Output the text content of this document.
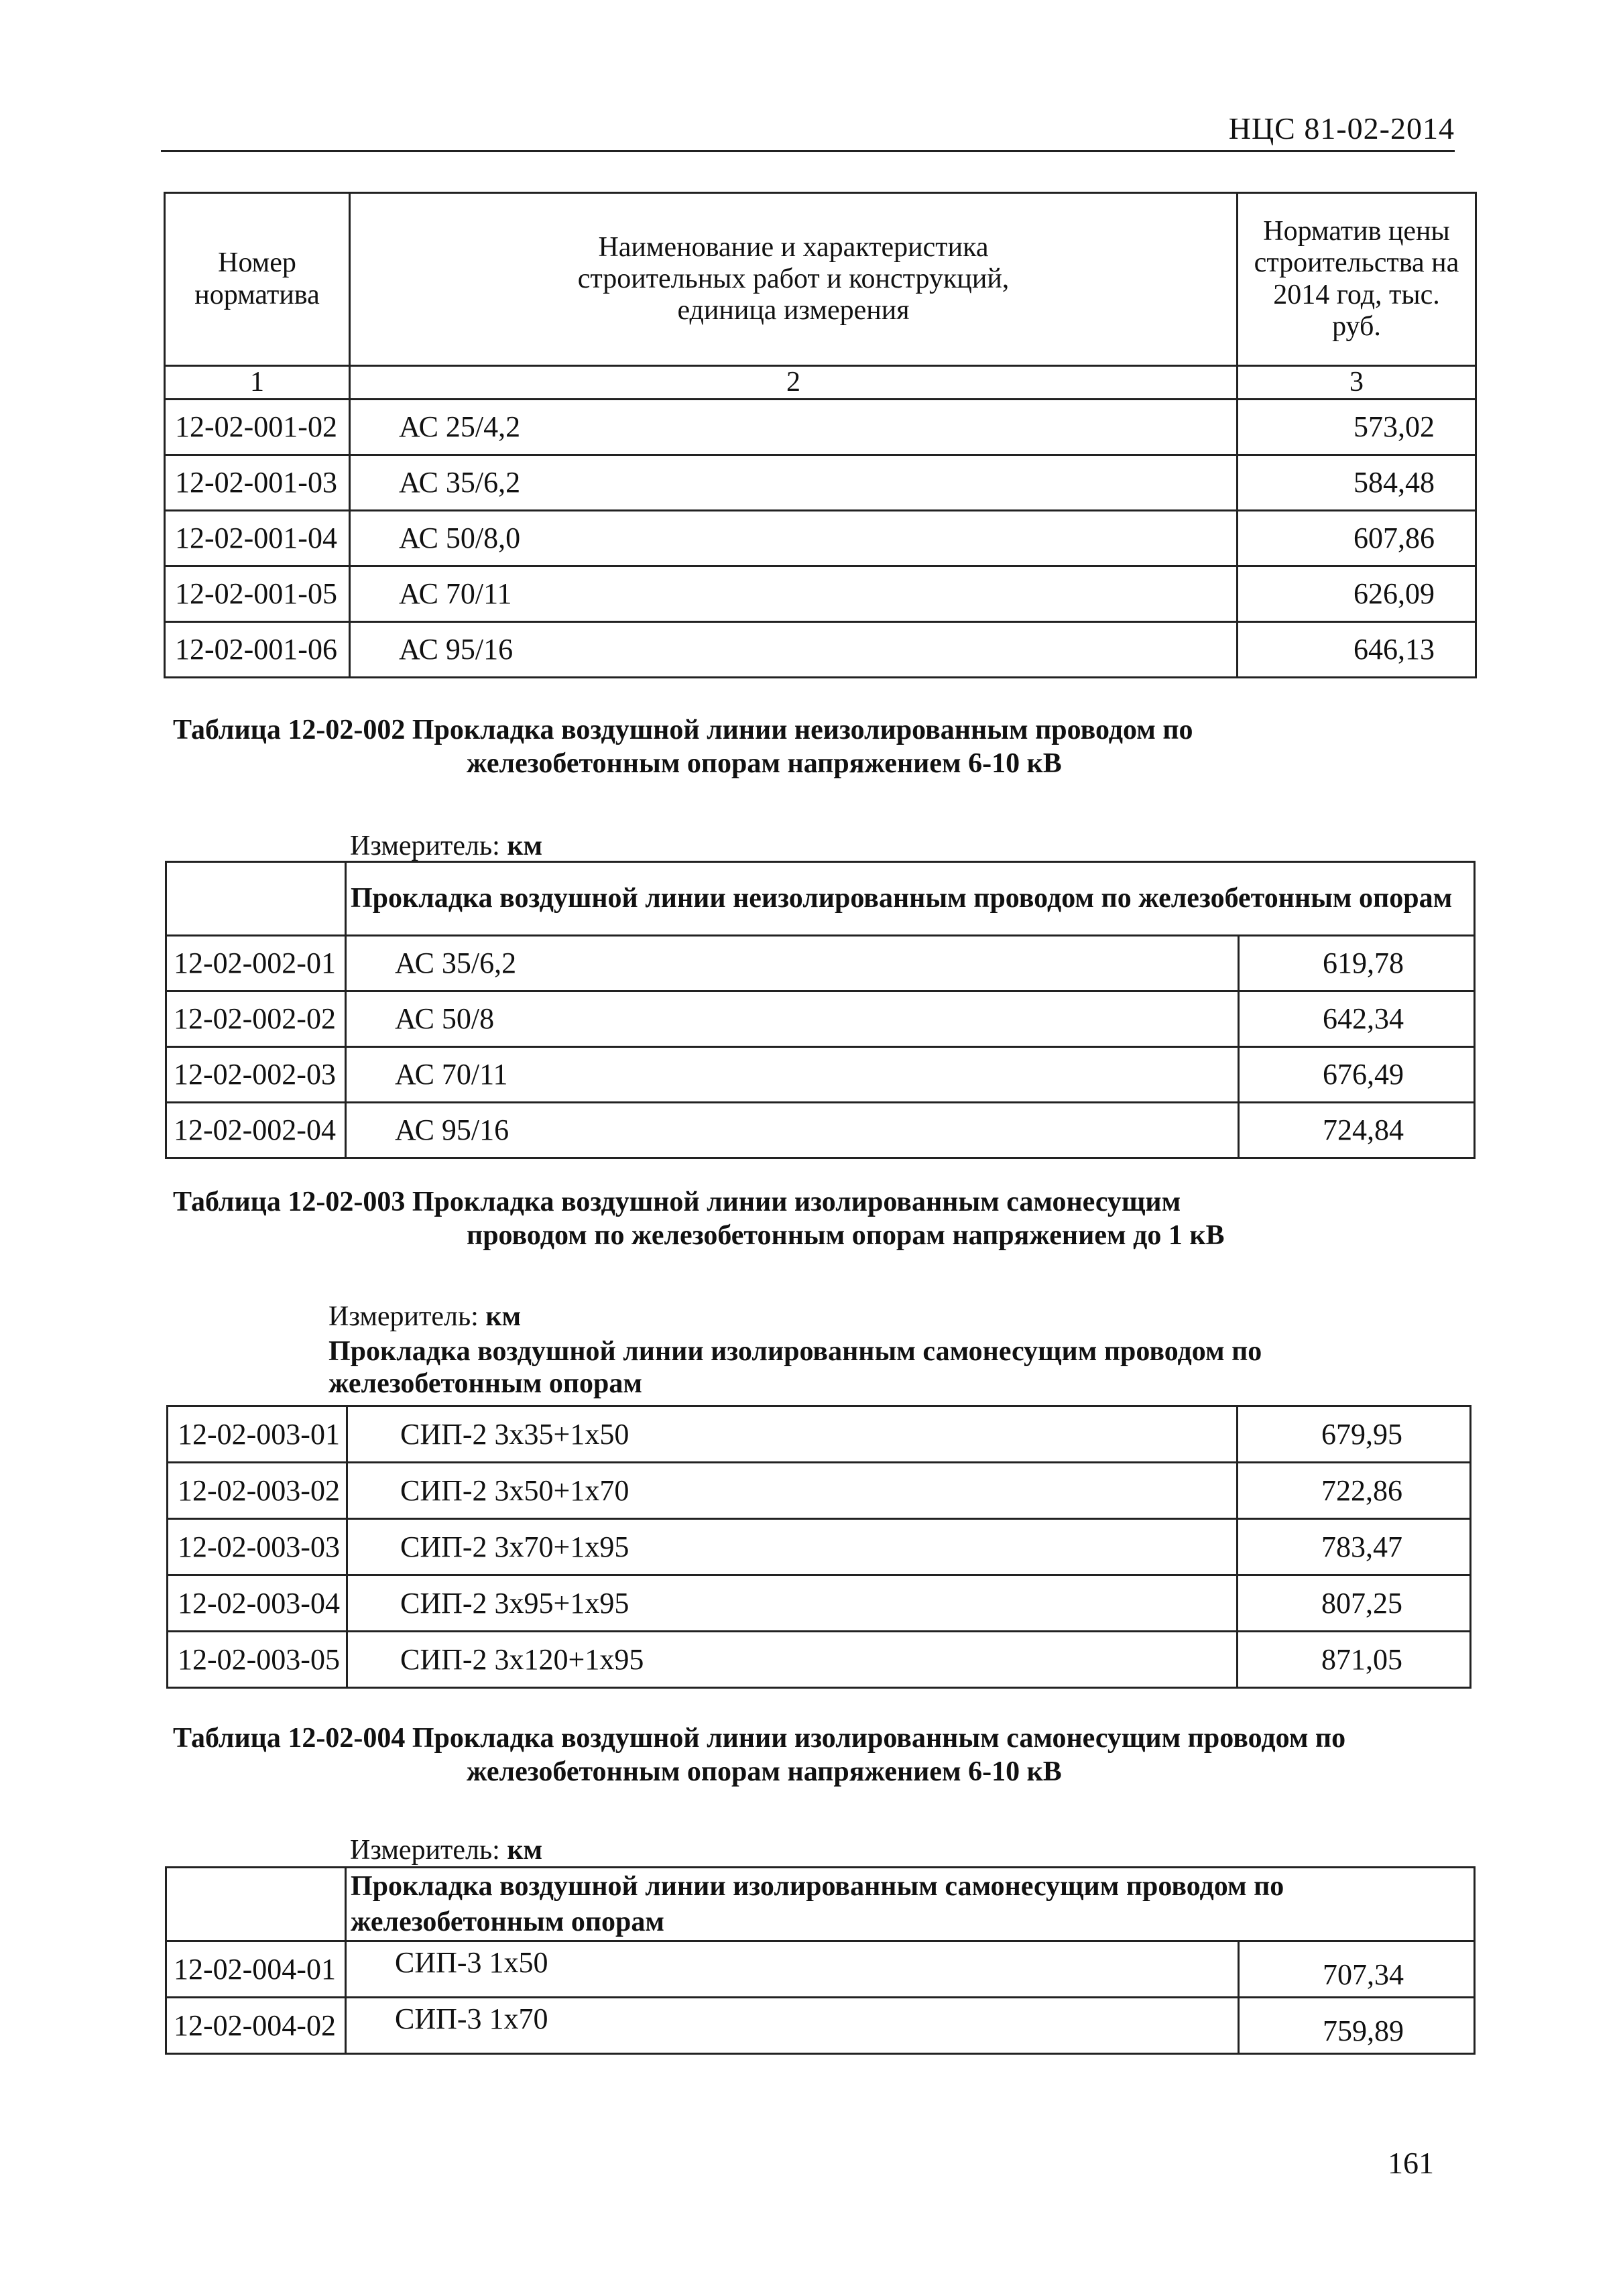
НЦС 81-02-2014
Номер норматива	Наименование и характеристика строительных работ и конструкций, единица измерения	Норматив цены строительства на 2014 год, тыс. руб.
1	2	3
12-02-001-02	АС 25/4,2	573,02
12-02-001-03	АС 35/6,2	584,48
12-02-001-04	АС 50/8,0	607,86
12-02-001-05	АС 70/11	626,09
12-02-001-06	АС 95/16	646,13
Таблица 12-02-002 Прокладка воздушной линии неизолированным проводом по
железобетонным опорам напряжением 6-10 кВ
Измеритель: км
	Прокладка воздушной линии неизолированным проводом по железобетонным опорам	
12-02-002-01	АС 35/6,2	619,78
12-02-002-02	АС 50/8	642,34
12-02-002-03	АС 70/11	676,49
12-02-002-04	АС 95/16	724,84
Таблица 12-02-003 Прокладка воздушной линии изолированным самонесущим
проводом по железобетонным опорам напряжением до 1 кВ
Измеритель: км
Прокладка воздушной линии изолированным самонесущим проводом по железобетонным опорам
12-02-003-01	СИП-2 3х35+1х50	679,95
12-02-003-02	СИП-2 3х50+1х70	722,86
12-02-003-03	СИП-2 3х70+1х95	783,47
12-02-003-04	СИП-2 3х95+1х95	807,25
12-02-003-05	СИП-2 3х120+1х95	871,05
Таблица 12-02-004 Прокладка воздушной линии изолированным самонесущим проводом по
железобетонным опорам напряжением 6-10 кВ
Измеритель: км
	Прокладка воздушной линии изолированным самонесущим проводом по железобетонным опорам	
12-02-004-01	СИП-3 1х50	707,34
12-02-004-02	СИП-3 1х70	759,89
161
